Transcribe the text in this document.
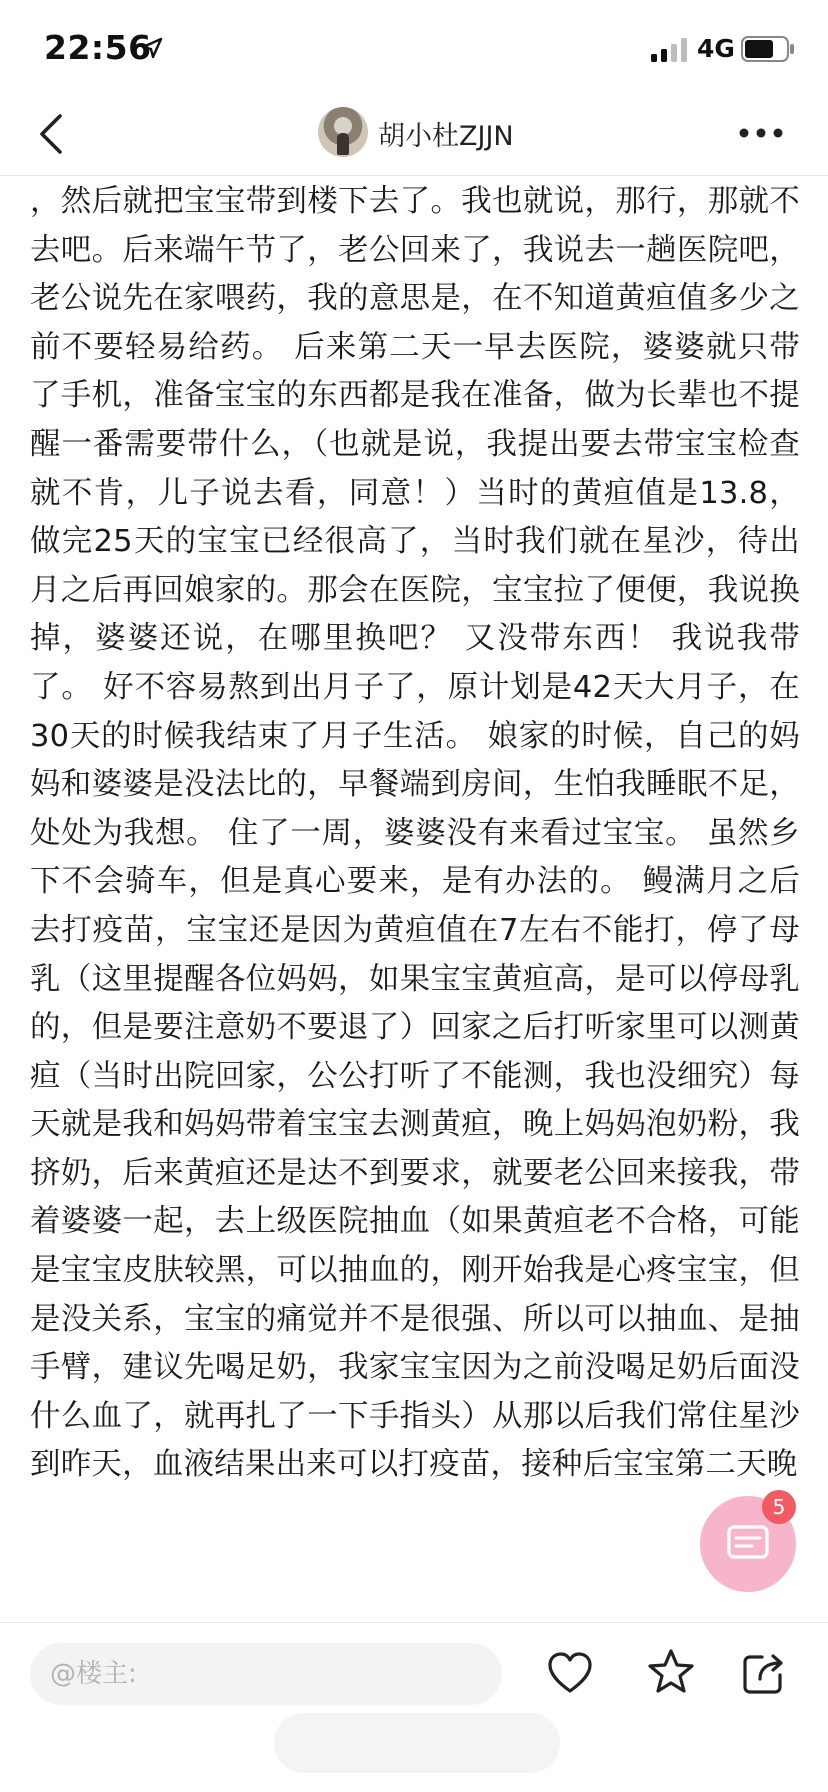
22:56	4G
胡小杜ZJJN

，然后就把宝宝带到楼下去了。我也就说，那行，那就不去吧。后来端午节了，老公回来了，我说去一趟医院吧，老公说先在家喂药，我的意思是，在不知道黄疸值多少之前不要轻易给药。 后来第二天一早去医院，婆婆就只带了手机，准备宝宝的东西都是我在准备，做为长辈也不提醒一番需要带什么，（也就是说，我提出要去带宝宝检查就不肯，儿子说去看，同意！）当时的黄疸值是13.8，做完25天的宝宝已经很高了，当时我们就在星沙，待出月之后再回娘家的。那会在医院，宝宝拉了便便，我说换掉，婆婆还说，在哪里换吧？ 又没带东西！ 我说我带了。 好不容易熬到出月子了，原计划是42天大月子，在30天的时候我结束了月子生活。 娘家的时候，自己的妈妈和婆婆是没法比的，早餐端到房间，生怕我睡眠不足，处处为我想。 住了一周，婆婆没有来看过宝宝。 虽然乡下不会骑车，但是真心要来，是有办法的。 鳗满月之后去打疫苗，宝宝还是因为黄疸值在7左右不能打，停了母乳（这里提醒各位妈妈，如果宝宝黄疸高，是可以停母乳的，但是要注意奶不要退了）回家之后打听家里可以测黄疸（当时出院回家，公公打听了不能测，我也没细究）每天就是我和妈妈带着宝宝去测黄疸，晚上妈妈泡奶粉，我挤奶，后来黄疸还是达不到要求，就要老公回来接我，带着婆婆一起，去上级医院抽血（如果黄疸老不合格，可能是宝宝皮肤较黑，可以抽血的，刚开始我是心疼宝宝，但是没关系，宝宝的痛觉并不是很强、所以可以抽血、是抽手臂，建议先喝足奶，我家宝宝因为之前没喝足奶后面没什么血了，就再扎了一下手指头）从那以后我们常住星沙到昨天，血液结果出来可以打疫苗，接种后宝宝第二天晚

5
@楼主:
